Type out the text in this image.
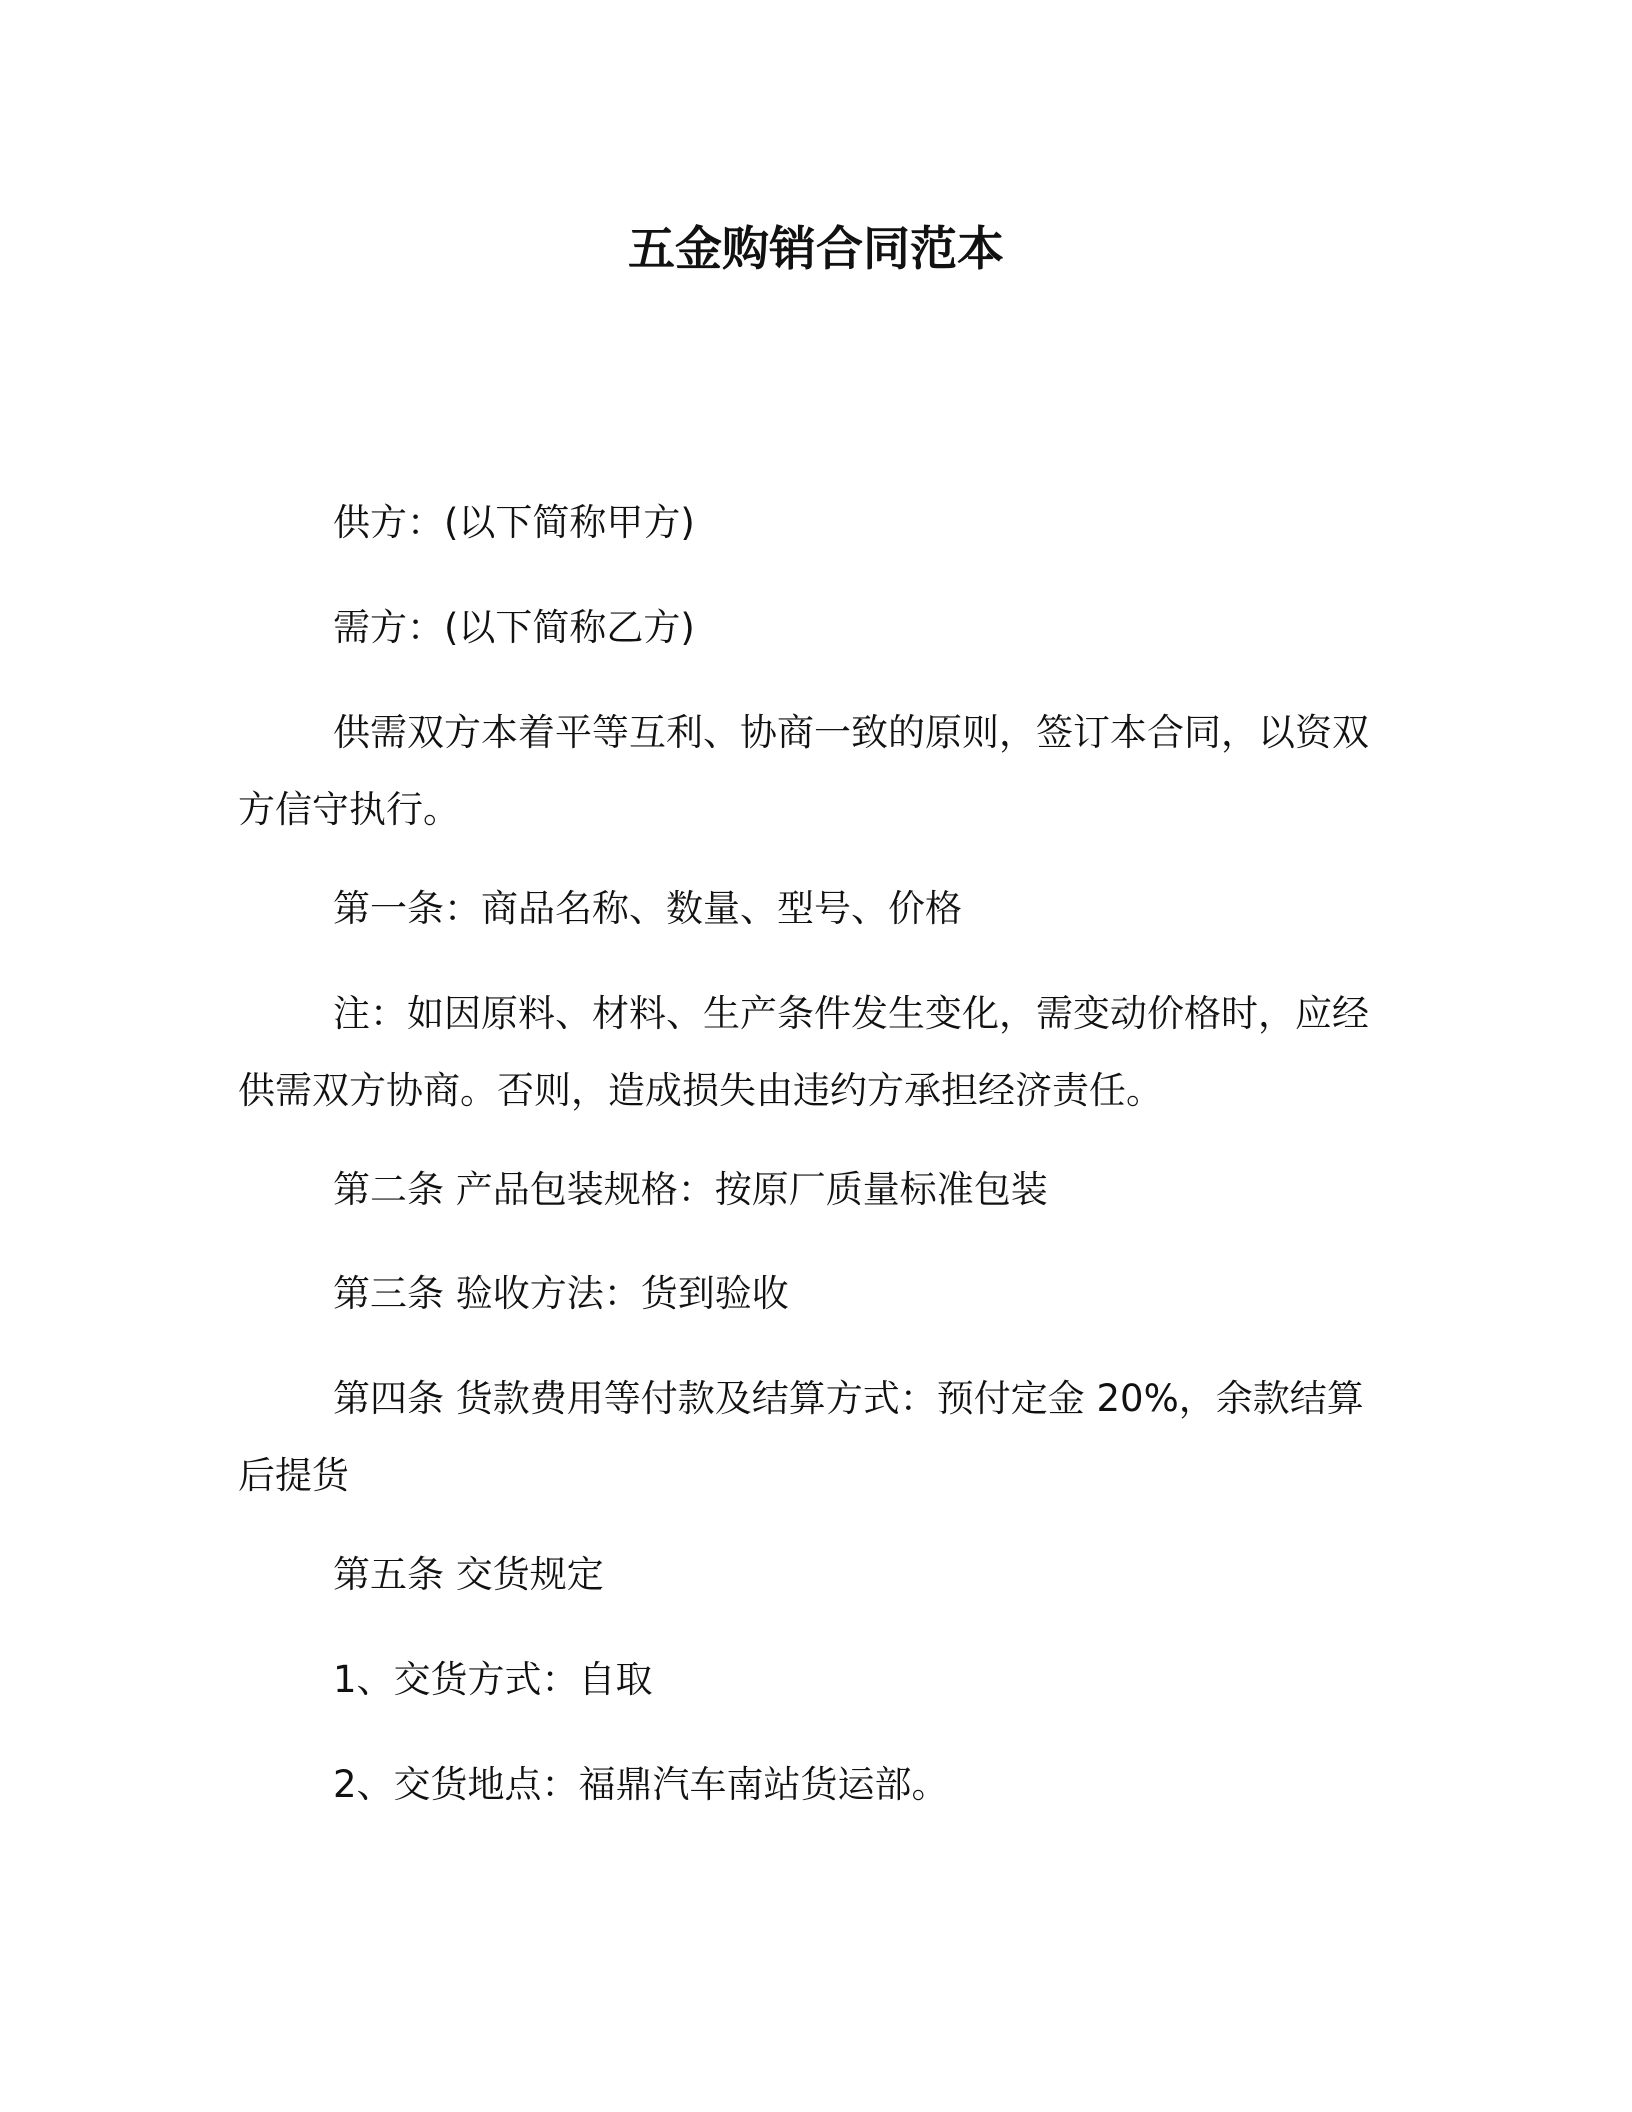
五金购销合同范本

供方：(以下简称甲方)

需方：(以下简称乙方)

供需双方本着平等互利、协商一致的原则，签订本合同，以资双方信守执行。

第一条：商品名称、数量、型号、价格

注：如因原料、材料、生产条件发生变化，需变动价格时，应经供需双方协商。否则，造成损失由违约方承担经济责任。

第二条 产品包装规格：按原厂质量标准包装

第三条 验收方法：货到验收

第四条 货款费用等付款及结算方式：预付定金 20%，余款结算后提货

第五条 交货规定

1、交货方式：自取

2、交货地点：福鼎汽车南站货运部。
